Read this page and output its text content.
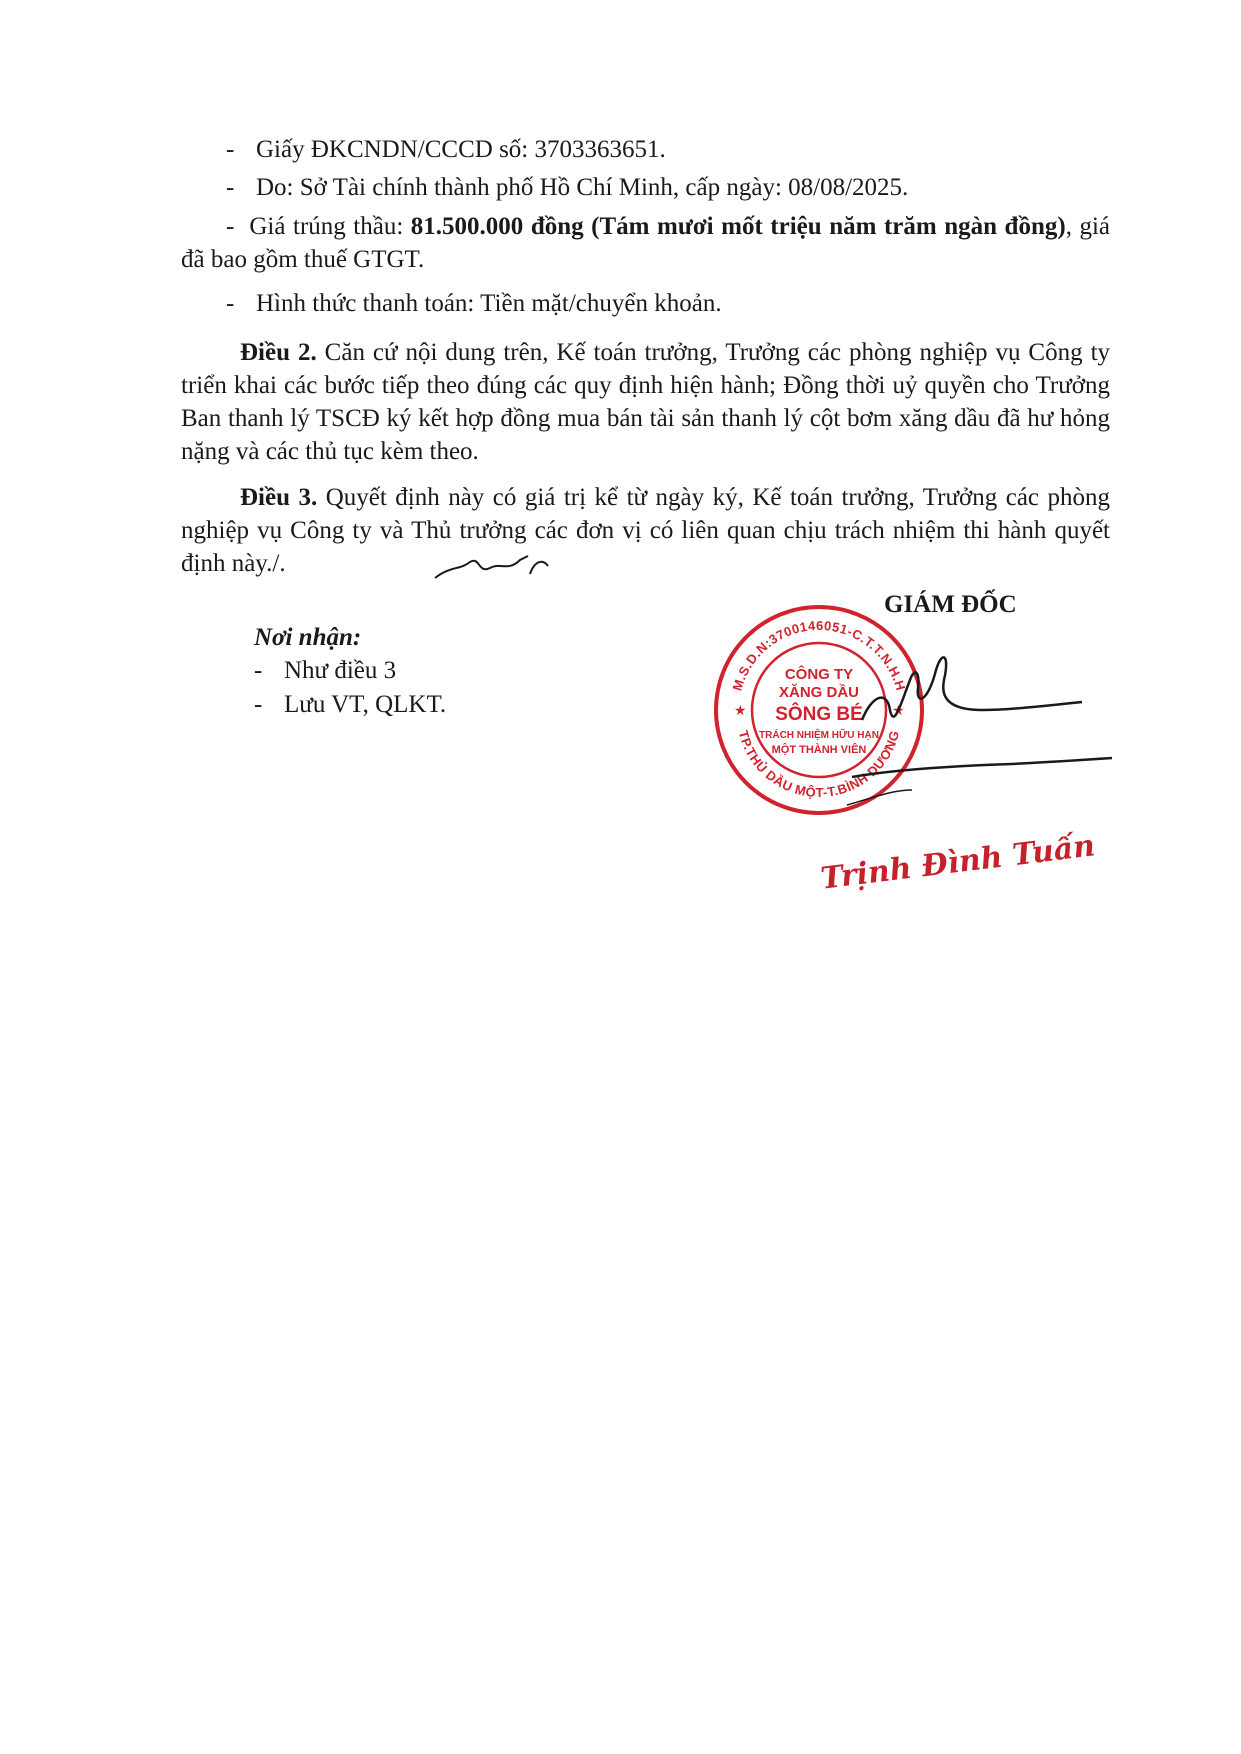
- Giấy ĐKCNDN/CCCD số: 3703363651.
- Do: Sở Tài chính thành phố Hồ Chí Minh, cấp ngày: 08/08/2025.
-  Giá trúng thầu: 81.500.000 đồng (Tám mươi mốt triệu năm trăm ngàn đồng), giá đã bao gồm thuế GTGT.
- Hình thức thanh toán: Tiền mặt/chuyển khoản.
Điều 2. Căn cứ nội dung trên, Kế toán trưởng, Trưởng các phòng nghiệp vụ Công ty triển khai các bước tiếp theo đúng các quy định hiện hành; Đồng thời uỷ quyền cho Trưởng Ban thanh lý TSCĐ ký kết hợp đồng mua bán tài sản thanh lý cột bơm xăng dầu đã hư hỏng nặng và các thủ tục kèm theo.
Điều 3. Quyết định này có giá trị kể từ ngày ký, Kế toán trưởng, Trưởng các phòng nghiệp vụ Công ty và Thủ trưởng các đơn vị có liên quan chịu trách nhiệm thi hành quyết định này./.
Nơi nhận:
- Như điều 3
- Lưu VT, QLKT.
GIÁM ĐỐC
M.S.D.N:3700146051-C.T.T.N.H.H
TP.THỦ DẦU MỘT-T.BÌNH DƯƠNG
★	★
CÔNG TY
XĂNG DẦU
SÔNG BÉ
TRÁCH NHIỆM HỮU HẠN
MỘT THÀNH VIÊN
Trịnh Đình Tuấn
